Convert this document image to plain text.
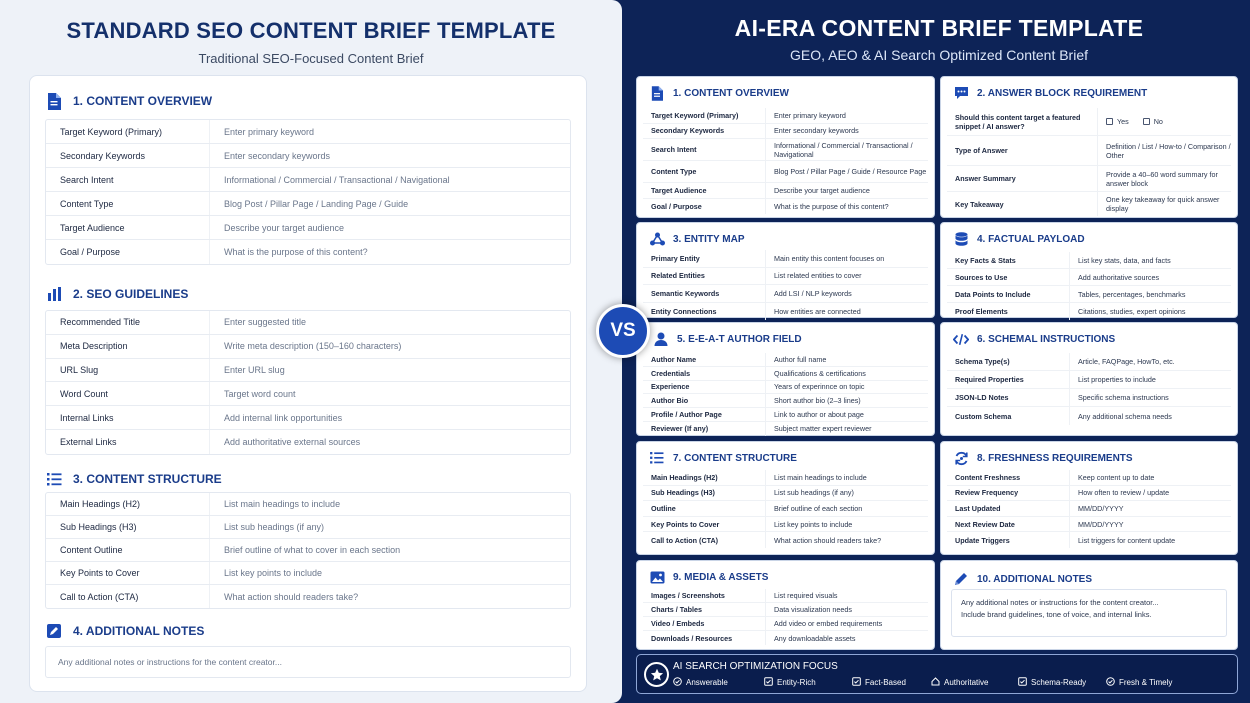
STANDARD SEO CONTENT BRIEF TEMPLATE
Traditional SEO-Focused Content Brief
1. CONTENT OVERVIEW
Target Keyword (Primary)	Enter primary keyword
Secondary Keywords	Enter secondary keywords
Search Intent	Informational / Commercial / Transactional / Navigational
Content Type	Blog Post / Pillar Page / Landing Page / Guide
Target Audience	Describe your target audience
Goal / Purpose	What is the purpose of this content?
2. SEO GUIDELINES
Recommended Title	Enter suggested title
Meta Description	Write meta description (150–160 characters)
URL Slug	Enter URL slug
Word Count	Target word count
Internal Links	Add internal link opportunities
External Links	Add authoritative external sources
3. CONTENT STRUCTURE
Main Headings (H2)	List main headings to include
Sub Headings (H3)	List sub headings (if any)
Content Outline	Brief outline of what to cover in each section
Key Points to Cover	List key points to include
Call to Action (CTA)	What action should readers take?
4. ADDITIONAL NOTES
Any additional notes or instructions for the content creator...
VS
AI-ERA CONTENT BRIEF TEMPLATE
GEO, AEO & AI Search Optimized Content Brief
1. CONTENT OVERVIEW
Target Keyword (Primary)	Enter primary keyword
Secondary Keywords	Enter secondary keywords
Search Intent	Informational / Commercial / Transactional / Navigational
Content Type	Blog Post / Pillar Page / Guide / Resource Page
Target Audience	Describe your target audience
Goal / Purpose	What is the purpose of this content?
2. ANSWER BLOCK REQUIREMENT
Should this content target a featured snippet / AI answer?	Yes	No
Type of Answer	Definition / List / How-to / Comparison / Other
Answer Summary	Provide a 40–60 word summary for answer block
Key Takeaway	One key takeaway for quick answer display
3. ENTITY MAP
Primary Entity	Main entity this content focuses on
Related Entities	List related entities to cover
Semantic Keywords	Add LSI / NLP keywords
Entity Connections	How entities are connected
4. FACTUAL PAYLOAD
Key Facts & Stats	List key stats, data, and facts
Sources to Use	Add authoritative sources
Data Points to Include	Tables, percentages, benchmarks
Proof Elements	Citations, studies, expert opinions
5. E-E-A-T AUTHOR FIELD
Author Name	Author full name
Credentials	Qualifications & certifications
Experience	Years of experinnce on topic
Author Bio	Short author bio (2–3 lines)
Profile / Author Page	Link to author or about page
Reviewer (If any)	Subject matter expert reviewer
6. SCHEMAL INSTRUCTIONS
Schema Type(s)	Article, FAQPage, HowTo, etc.
Required Properties	List properties to include
JSON-LD Notes	Specific schema instructions
Custom Schema	Any additional schema needs
7. CONTENT STRUCTURE
Main Headings (H2)	List main headings to include
Sub Headings (H3)	List sub headings (if any)
Outline	Brief outline of each section
Key Points to Cover	List key points to include
Call to Action (CTA)	What action should readers take?
8. FRESHNESS REQUIREMENTS
Content Freshness	Keep content up to date
Review Frequency	How often to review / update
Last Updated	MM/DD/YYYY
Next Review Date	MM/DD/YYYY
Update Triggers	List triggers for content update
9. MEDIA & ASSETS
Images / Screenshots	List required visuals
Charts / Tables	Data visualization needs
Video / Embeds	Add video or embed requirements
Downloads / Resources	Any downloadable assets
10. ADDITIONAL NOTES
Any additional notes or instructions for the content creator...
Include brand guidelines, tone of voice, and internal links.
AI SEARCH OPTIMIZATION FOCUS
Answerable	Entity-Rich	Fact-Based	Authoritative	Schema-Ready	Fresh & Timely
